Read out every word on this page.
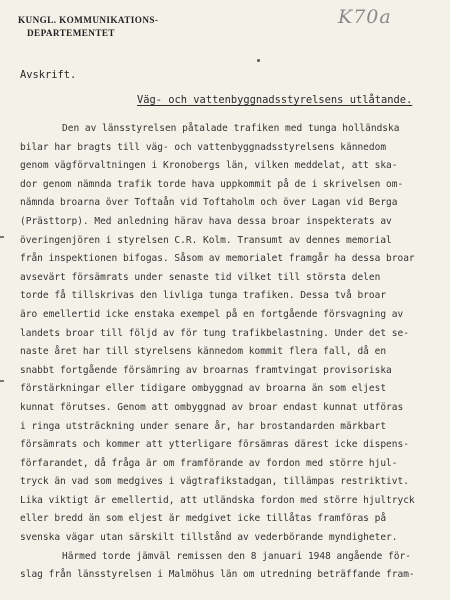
KUNGL. KOMMUNIKATIONS-
DEPARTEMENTET
K70a
Avskrift.
Väg- och vattenbyggnadsstyrelsens utlåtande.
Den av länsstyrelsen påtalade trafiken med tunga holländska
bilar har bragts till väg- och vattenbyggnadsstyrelsens kännedom
genom vägförvaltningen i Kronobergs län, vilken meddelat, att ska-
dor genom nämnda trafik torde hava uppkommit på de i skrivelsen om-
nämnda broarna över Toftaån vid Toftaholm och över Lagan vid Berga
(Prästtorp). Med anledning härav hava dessa broar inspekterats av
överingenjören i styrelsen C.R. Kolm. Transumt av dennes memorial
från inspektionen bifogas. Såsom av memorialet framgår ha dessa broar
avsevärt försämrats under senaste tid vilket till största delen
torde få tillskrivas den livliga tunga trafiken. Dessa två broar
äro emellertid icke enstaka exempel på en fortgående försvagning av
landets broar till följd av för tung trafikbelastning. Under det se-
naste året har till styrelsens kännedom kommit flera fall, då en
snabbt fortgående försämring av broarnas framtvingat provisoriska
förstärkningar eller tidigare ombyggnad av broarna än som eljest
kunnat förutses. Genom att ombyggnad av broar endast kunnat utföras
i ringa utsträckning under senare år, har brostandarden märkbart
försämrats och kommer att ytterligare försämras därest icke dispens-
förfarandet, då fråga är om framförande av fordon med större hjul-
tryck än vad som medgives i vägtrafikstadgan, tillämpas restriktivt.
Lika viktigt är emellertid, att utländska fordon med större hjultryck
eller bredd än som eljest är medgivet icke tillåtas framföras på
svenska vägar utan särskilt tillstånd av vederbörande myndigheter.
Härmed torde jämväl remissen den 8 januari 1948 angående för-
slag från länsstyrelsen i Malmöhus län om utredning beträffande fram-
